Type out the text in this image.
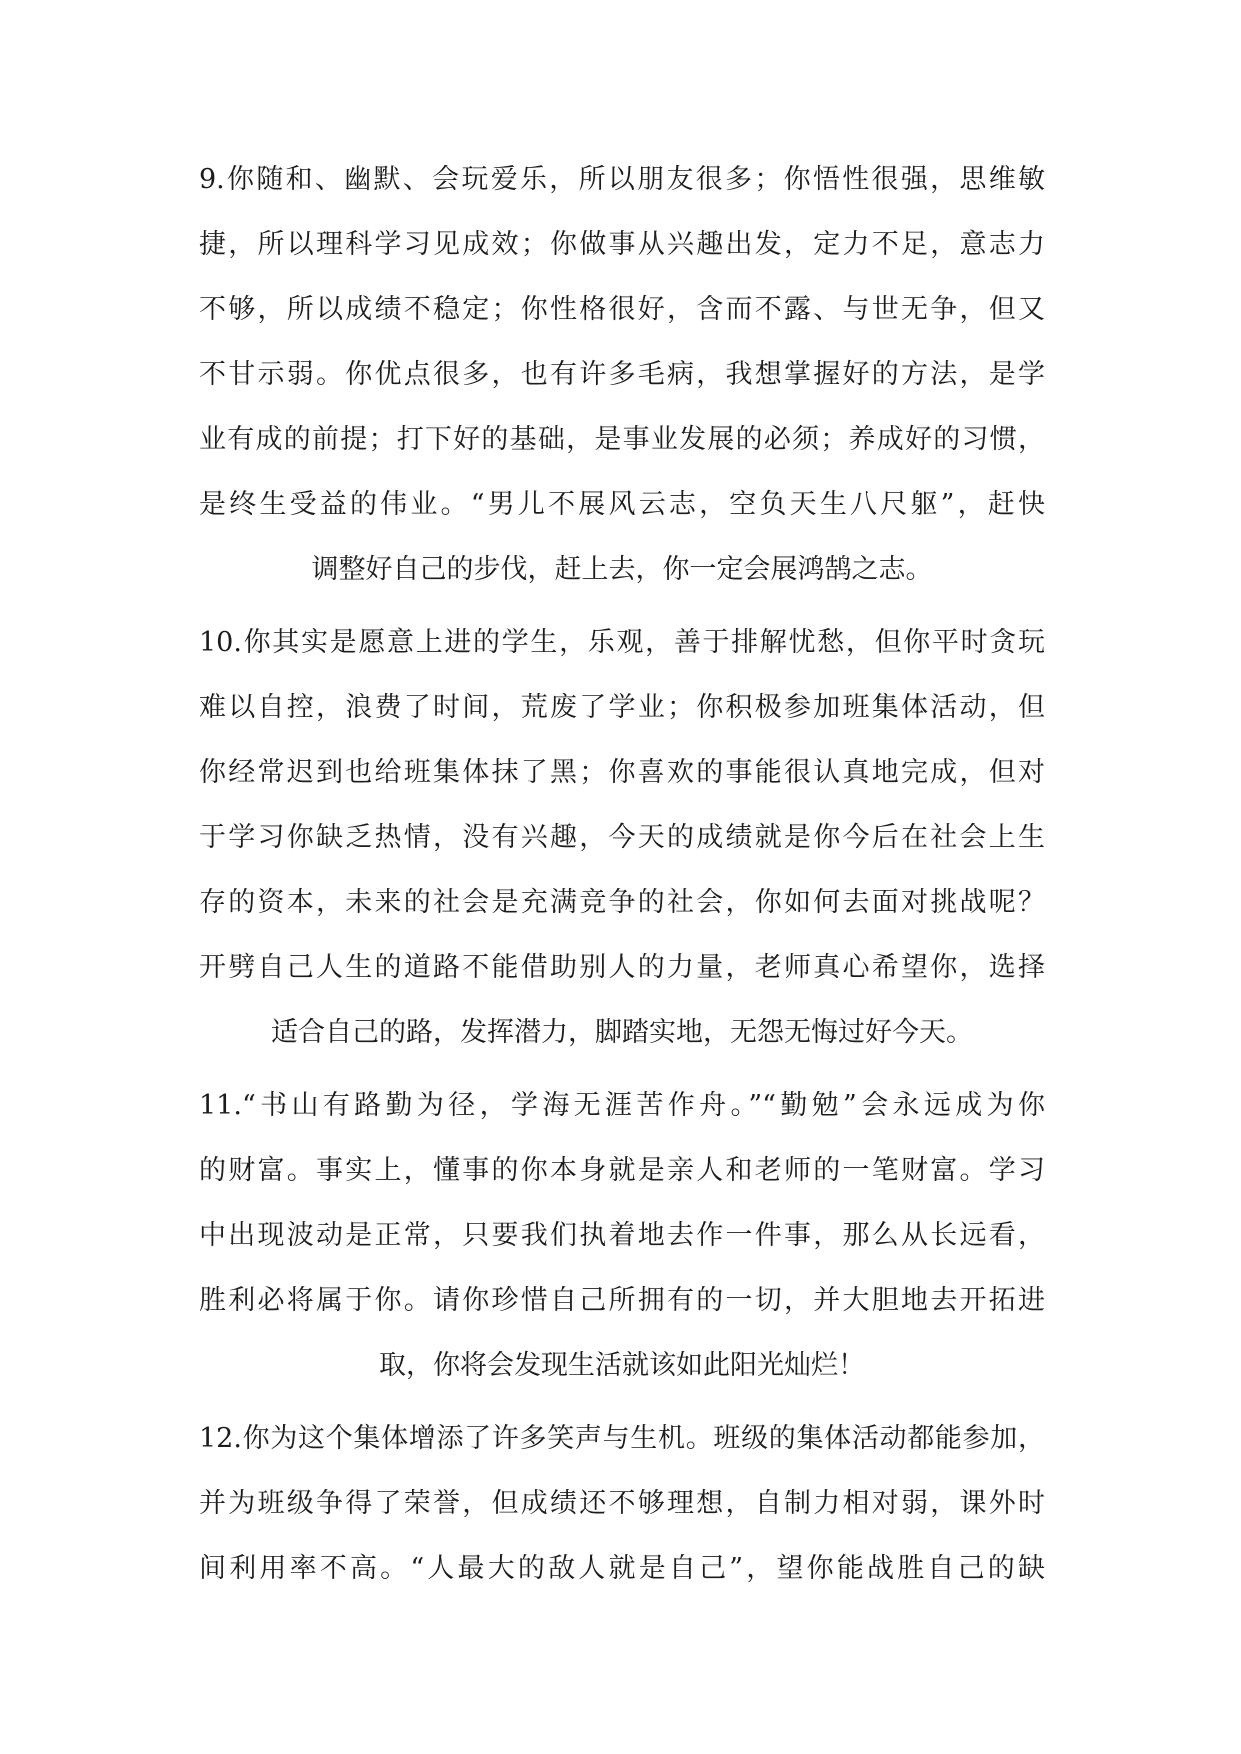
9.你随和、幽默、会玩爱乐，所以朋友很多；你悟性很强，思维敏
捷，所以理科学习见成效；你做事从兴趣出发，定力不足，意志力
不够，所以成绩不稳定；你性格很好，含而不露、与世无争，但又
不甘示弱。你优点很多，也有许多毛病，我想掌握好的方法，是学
业有成的前提；打下好的基础，是事业发展的必须；养成好的习惯，
是终生受益的伟业。“男儿不展风云志，空负天生八尺躯”，赶快
调整好自己的步伐，赶上去，你一定会展鸿鹄之志。
10.你其实是愿意上进的学生，乐观，善于排解忧愁，但你平时贪玩
难以自控，浪费了时间，荒废了学业；你积极参加班集体活动，但
你经常迟到也给班集体抹了黑；你喜欢的事能很认真地完成，但对
于学习你缺乏热情，没有兴趣，今天的成绩就是你今后在社会上生
存的资本，未来的社会是充满竞争的社会，你如何去面对挑战呢？
开劈自己人生的道路不能借助别人的力量，老师真心希望你，选择
适合自己的路，发挥潜力，脚踏实地，无怨无悔过好今天。
11.“书山有路勤为径，学海无涯苦作舟。”“勤勉”会永远成为你
的财富。事实上，懂事的你本身就是亲人和老师的一笔财富。学习
中出现波动是正常，只要我们执着地去作一件事，那么从长远看，
胜利必将属于你。请你珍惜自己所拥有的一切，并大胆地去开拓进
取，你将会发现生活就该如此阳光灿烂！
12.你为这个集体增添了许多笑声与生机。班级的集体活动都能参加，
并为班级争得了荣誉，但成绩还不够理想，自制力相对弱，课外时
间利用率不高。“人最大的敌人就是自己”，望你能战胜自己的缺
